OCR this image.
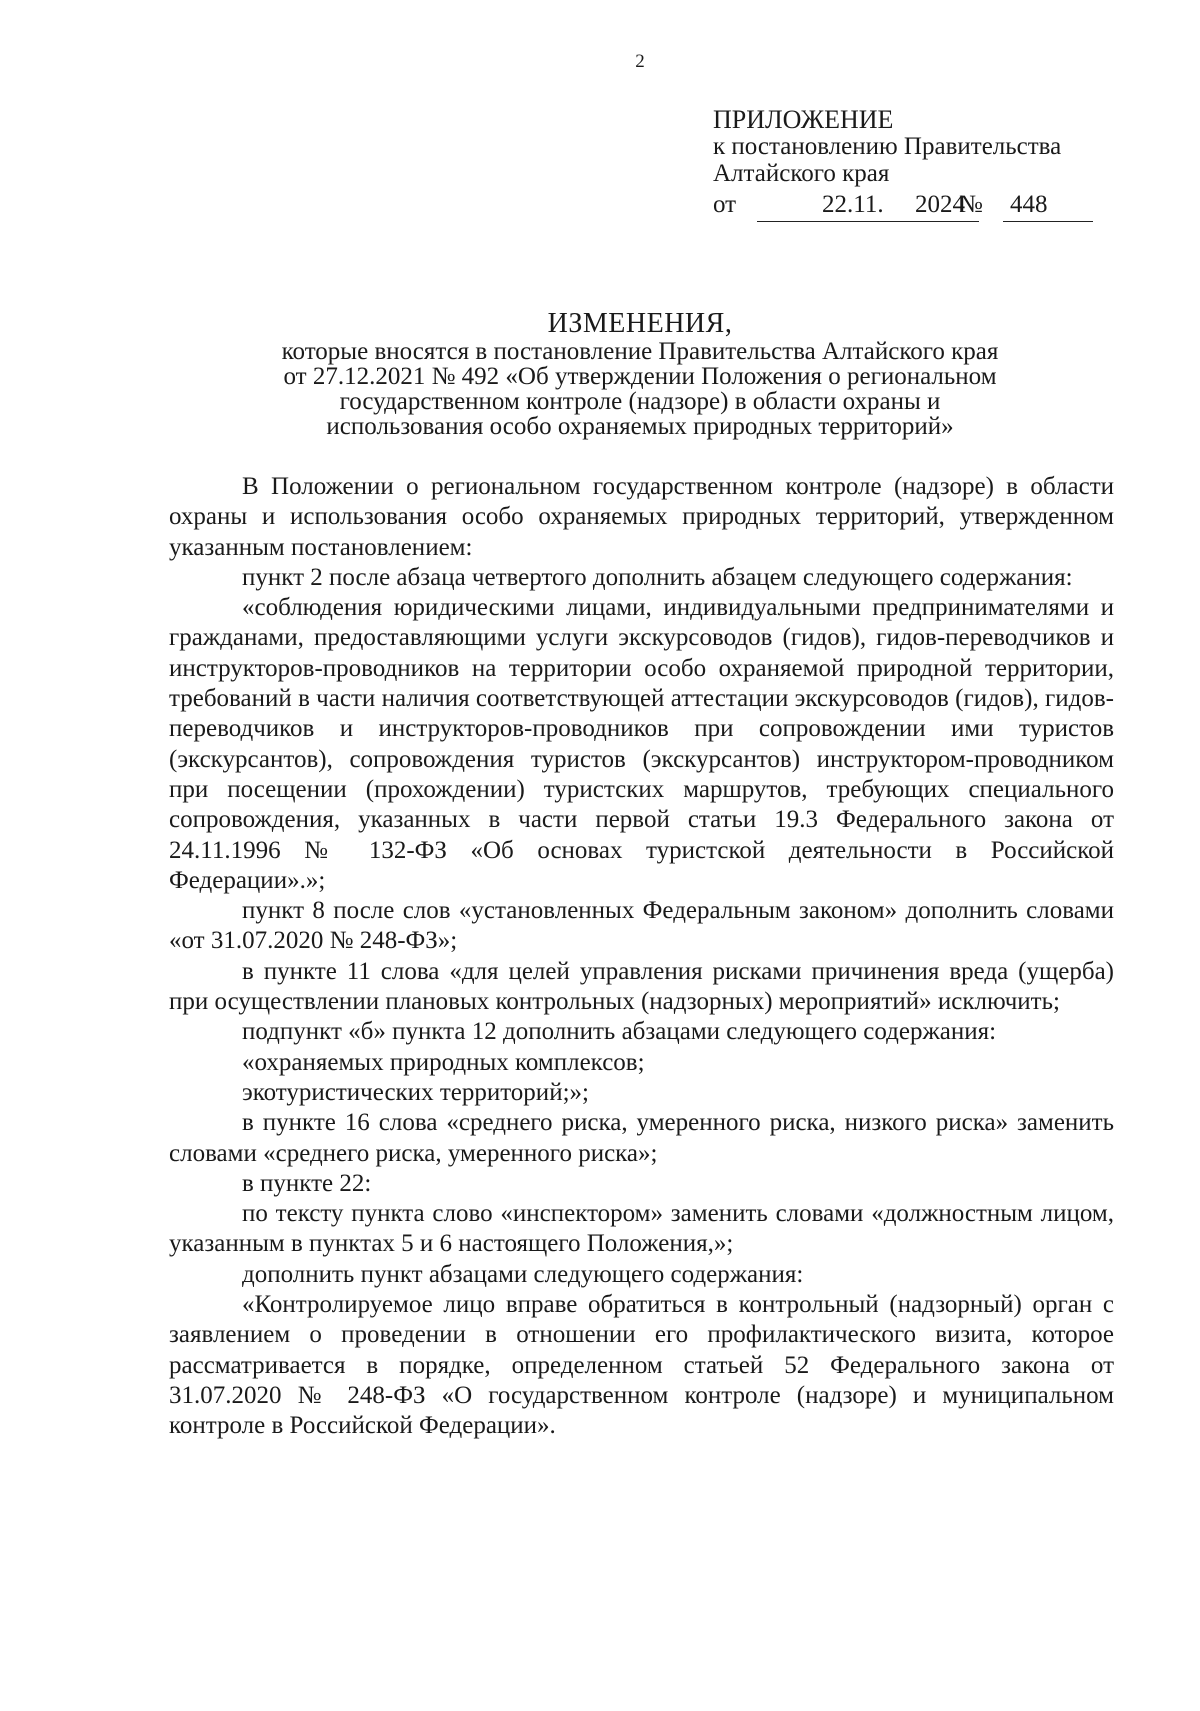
2
ПРИЛОЖЕНИЕ
к постановлению Правительства
Алтайского края
от	22.11. 2024
№ 448
ИЗМЕНЕНИЯ,
которые вносятся в постановление Правительства Алтайского края
от 27.12.2021 № 492 «Об утверждении Положения о региональном
государственном контроле (надзоре) в области охраны и
использования особо охраняемых природных территорий»

В Положении о региональном государственном контроле (надзоре) в области охраны и использования особо охраняемых природных территорий, утвержденном указанным постановлением:

пункт 2 после абзаца четвертого дополнить абзацем следующего содержания:

«соблюдения юридическими лицами, индивидуальными предпринимателями и гражданами, предоставляющими услуги экскурсоводов (гидов), гидов-переводчиков и инструкторов-проводников на территории особо охраняемой природной территории, требований в части наличия соответствующей аттестации экскурсоводов (гидов), гидов-переводчиков и инструкторов-проводников при сопровождении ими туристов (экскурсантов), сопровождения туристов (экскурсантов) инструктором-проводником при посещении (прохождении) туристских маршрутов, требующих специального сопровождения, указанных в части первой статьи 19.3 Федерального закона от 24.11.1996 № 132-ФЗ «Об основах туристской деятельности в Российской Федерации».»;

пункт 8 после слов «установленных Федеральным законом» дополнить словами «от 31.07.2020 № 248-ФЗ»;

в пункте 11 слова «для целей управления рисками причинения вреда (ущерба) при осуществлении плановых контрольных (надзорных) мероприятий» исключить;

подпункт «б» пункта 12 дополнить абзацами следующего содержания:

«охраняемых природных комплексов;

экотуристических территорий;»;

в пункте 16 слова «среднего риска, умеренного риска, низкого риска» заменить словами «среднего риска, умеренного риска»;

в пункте 22:

по тексту пункта слово «инспектором» заменить словами «должностным лицом, указанным в пунктах 5 и 6 настоящего Положения,»;

дополнить пункт абзацами следующего содержания:

«Контролируемое лицо вправе обратиться в контрольный (надзорный) орган с заявлением о проведении в отношении его профилактического визита, которое рассматривается в порядке, определенном статьей 52 Федерального закона от 31.07.2020 № 248-ФЗ «О государственном контроле (надзоре) и муниципальном контроле в Российской Федерации».
